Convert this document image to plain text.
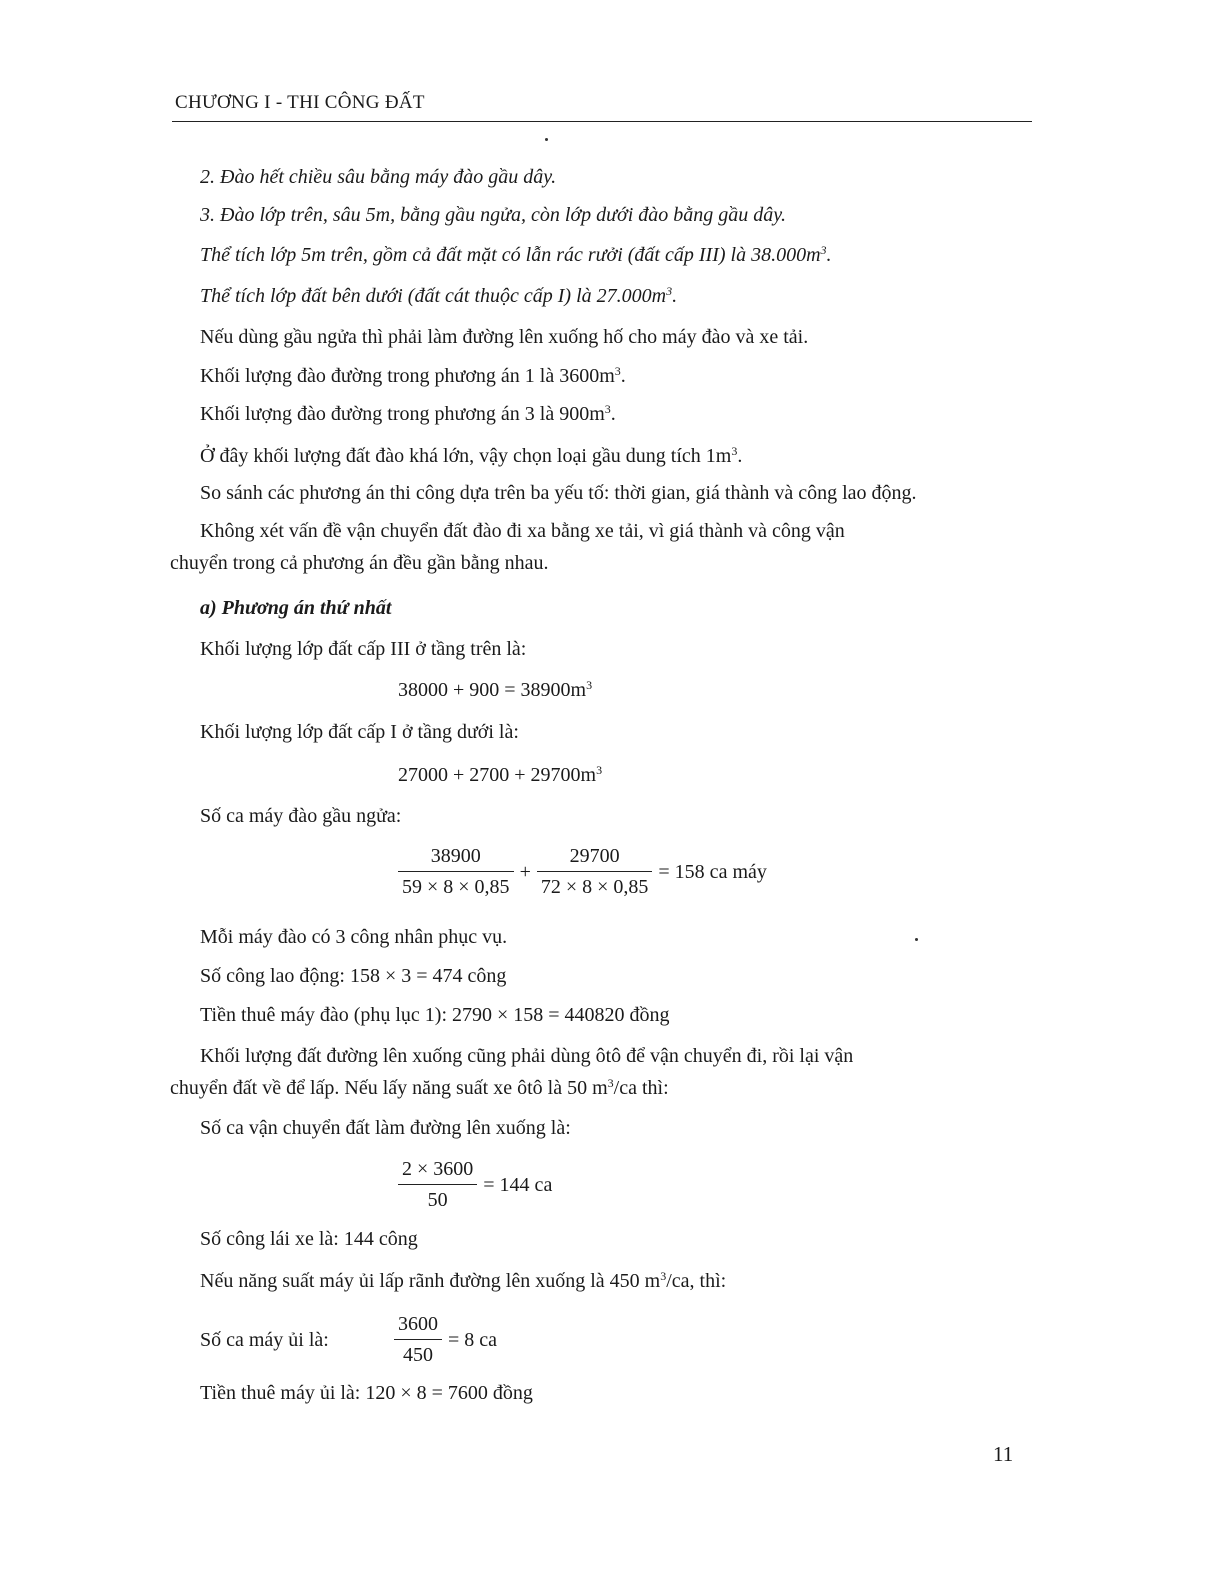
CHƯƠNG I - THI CÔNG ĐẤT
2. Đào hết chiều sâu bằng máy đào gầu dây.
3. Đào lớp trên, sâu 5m, bằng gầu ngửa, còn lớp dưới đào bằng gầu dây.
Thể tích lớp 5m trên, gồm cả đất mặt có lẫn rác rưởi (đất cấp III) là $38.000m^3$.
Thể tích lớp đất bên dưới (đất cát thuộc cấp I) là $27.000m^3$.
Nếu dùng gầu ngửa thì phải làm đường lên xuống hố cho máy đào và xe tải.
Khối lượng đào đường trong phương án 1 là $3600m^3$.
Khối lượng đào đường trong phương án 3 là $900m^3$.
Ở đây khối lượng đất đào khá lớn, vậy chọn loại gầu dung tích $1m^3$.
So sánh các phương án thi công dựa trên ba yếu tố: thời gian, giá thành và công lao động.
Không xét vấn đề vận chuyển đất đào đi xa bằng xe tải, vì giá thành và công vận
chuyển trong cả phương án đều gần bằng nhau.
a) Phương án thứ nhất
Khối lượng lớp đất cấp III ở tầng trên là:
$38000 + 900 = 38900m^3$
Khối lượng lớp đất cấp I ở tầng dưới là:
$27000 + 2700 + 29700m^3$
Số ca máy đào gầu ngửa:
$\frac{38900}{59 \times 8 \times 0,85} + \frac{29700}{72 \times 8 \times 0,85} = 158$ ca máy
Mỗi máy đào có 3 công nhân phục vụ.
Số công lao động: 158 × 3 = 474 công
Tiền thuê máy đào (phụ lục 1): 2790 × 158 = 440820 đồng
Khối lượng đất đường lên xuống cũng phải dùng ôtô để vận chuyển đi, rồi lại vận
chuyển đất về để lấp. Nếu lấy năng suất xe ôtô là 50 $m^3/ca$ thì:
Số ca vận chuyển đất làm đường lên xuống là:
$\frac{2 \times 3600}{50} = 144$ ca
Số công lái xe là: 144 công
Nếu năng suất máy ủi lấp rãnh đường lên xuống là 450 $m^3/ca$, thì:
Số ca máy ủi là:	$\frac{3600}{450} = 8$ ca
Tiền thuê máy ủi là: 120 × 8 = 7600 đồng
11
